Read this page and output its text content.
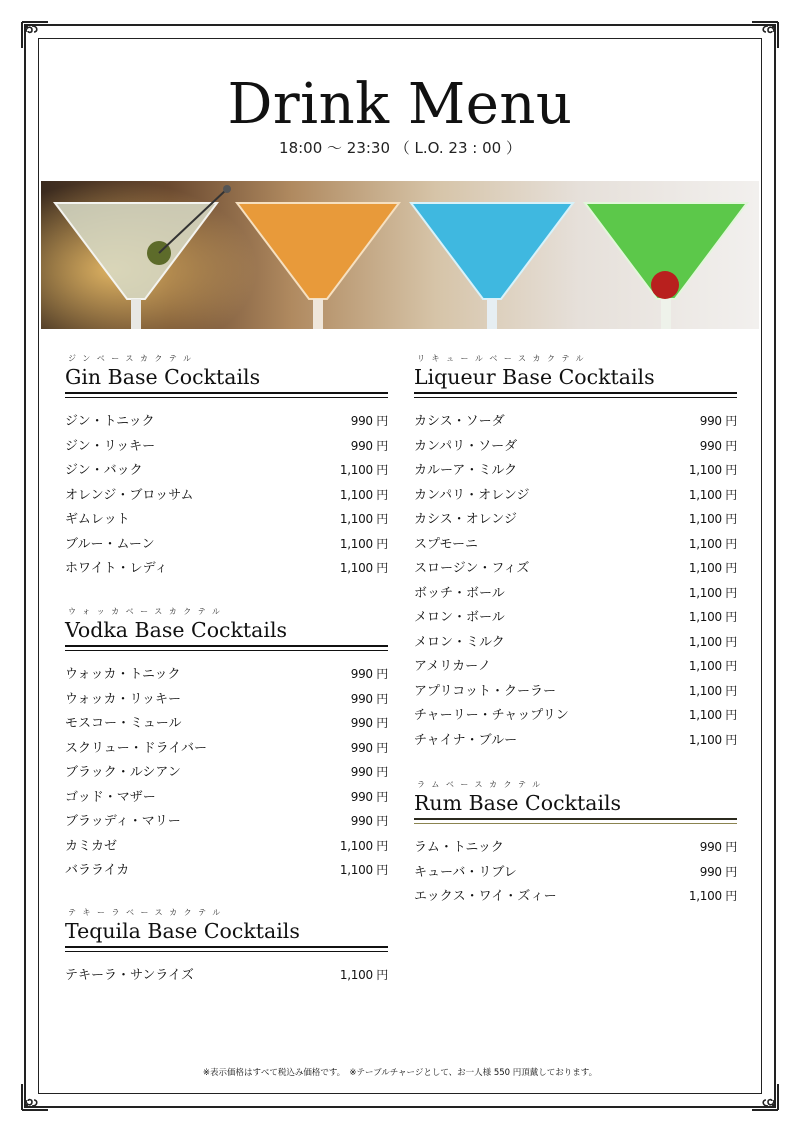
Drink Menu
18:00 ～ 23:30 （ L.O. 23 : 00 ）
ジンベースカクテル
Gin Base Cocktails
ジン・トニック	990 円
ジン・リッキー	990 円
ジン・バック	1,100 円
オレンジ・ブロッサム	1,100 円
ギムレット	1,100 円
ブルー・ムーン	1,100 円
ホワイト・レディ	1,100 円
ウォッカベースカクテル
Vodka Base Cocktails
ウォッカ・トニック	990 円
ウォッカ・リッキー	990 円
モスコー・ミュール	990 円
スクリュー・ドライバー	990 円
ブラック・ルシアン	990 円
ゴッド・マザー	990 円
ブラッディ・マリー	990 円
カミカゼ	1,100 円
バラライカ	1,100 円
テキーラベースカクテル
Tequila Base Cocktails
テキーラ・サンライズ	1,100 円
リキュールベースカクテル
Liqueur Base Cocktails
カシス・ソーダ	990 円
カンパリ・ソーダ	990 円
カルーア・ミルク	1,100 円
カンパリ・オレンジ	1,100 円
カシス・オレンジ	1,100 円
スプモーニ	1,100 円
スロージン・フィズ	1,100 円
ボッチ・ボール	1,100 円
メロン・ボール	1,100 円
メロン・ミルク	1,100 円
アメリカーノ	1,100 円
アプリコット・クーラー	1,100 円
チャーリー・チャップリン	1,100 円
チャイナ・ブルー	1,100 円
ラムベースカクテル
Rum Base Cocktails
ラム・トニック	990 円
キューバ・リブレ	990 円
エックス・ワイ・ズィー	1,100 円
※表示価格はすべて税込み価格です。　※テーブルチャージとして、お一人様 550 円頂戴しております。
